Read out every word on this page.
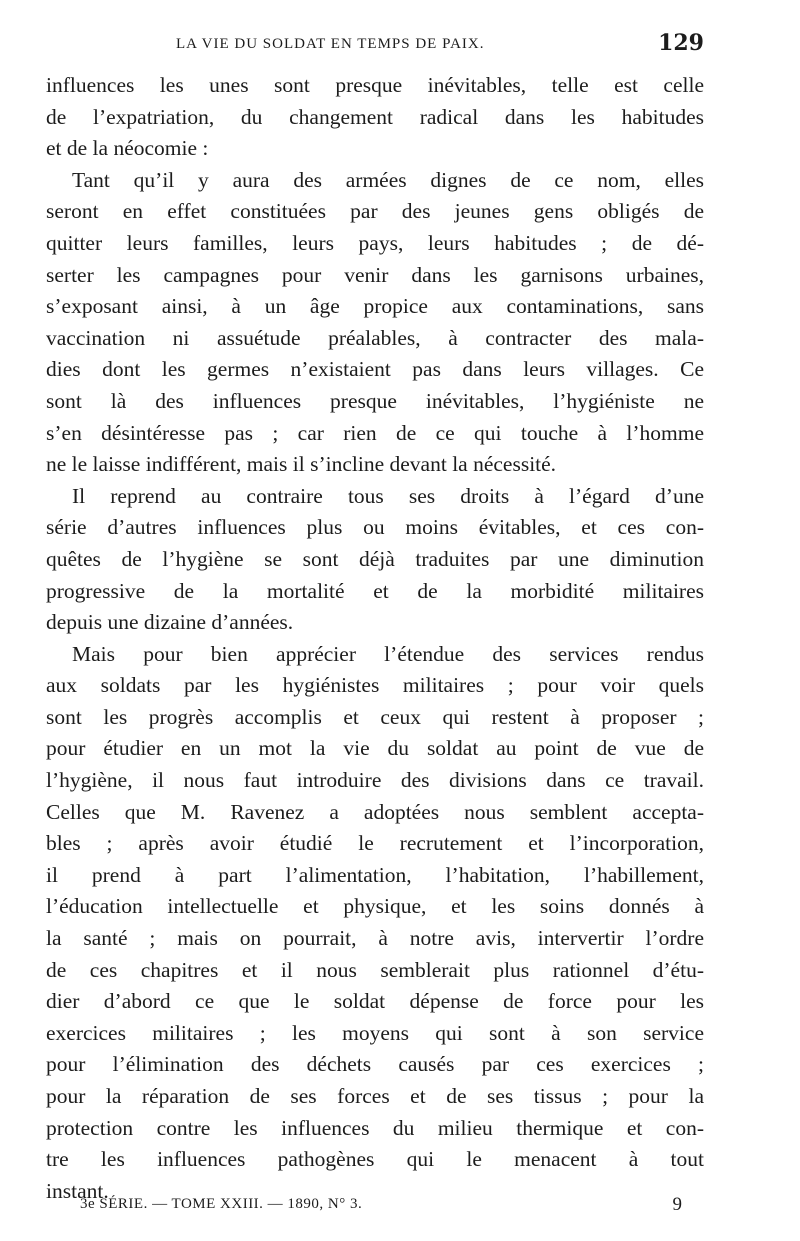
LA VIE DU SOLDAT EN TEMPS DE PAIX.	129
influences les unes sont presque inévitables, telle est celle
de l’expatriation, du changement radical dans les habitudes
et de la néocomie :
Tant qu’il y aura des armées dignes de ce nom, elles
seront en effet constituées par des jeunes gens obligés de
quitter leurs familles, leurs pays, leurs habitudes ; de dé-
serter les campagnes pour venir dans les garnisons urbaines,
s’exposant ainsi, à un âge propice aux contaminations, sans
vaccination ni assuétude préalables, à contracter des mala-
dies dont les germes n’existaient pas dans leurs villages. Ce
sont là des influences presque inévitables, l’hygiéniste ne
s’en désintéresse pas ; car rien de ce qui touche à l’homme
ne le laisse indifférent, mais il s’incline devant la nécessité.
Il reprend au contraire tous ses droits à l’égard d’une
série d’autres influences plus ou moins évitables, et ces con-
quêtes de l’hygiène se sont déjà traduites par une diminution
progressive de la mortalité et de la morbidité militaires
depuis une dizaine d’années.
Mais pour bien apprécier l’étendue des services rendus
aux soldats par les hygiénistes militaires ; pour voir quels
sont les progrès accomplis et ceux qui restent à proposer ;
pour étudier en un mot la vie du soldat au point de vue de
l’hygiène, il nous faut introduire des divisions dans ce travail.
Celles que M. Ravenez a adoptées nous semblent accepta-
bles ; après avoir étudié le recrutement et l’incorporation,
il prend à part l’alimentation, l’habitation, l’habillement,
l’éducation intellectuelle et physique, et les soins donnés à
la santé ; mais on pourrait, à notre avis, intervertir l’ordre
de ces chapitres et il nous semblerait plus rationnel d’étu-
dier d’abord ce que le soldat dépense de force pour les
exercices militaires ; les moyens qui sont à son service
pour l’élimination des déchets causés par ces exercices ;
pour la réparation de ses forces et de ses tissus ; pour la
protection contre les influences du milieu thermique et con-
tre les influences pathogènes qui le menacent à tout
instant.
3e SÉRIE. — TOME XXIII. — 1890, N° 3.	9
